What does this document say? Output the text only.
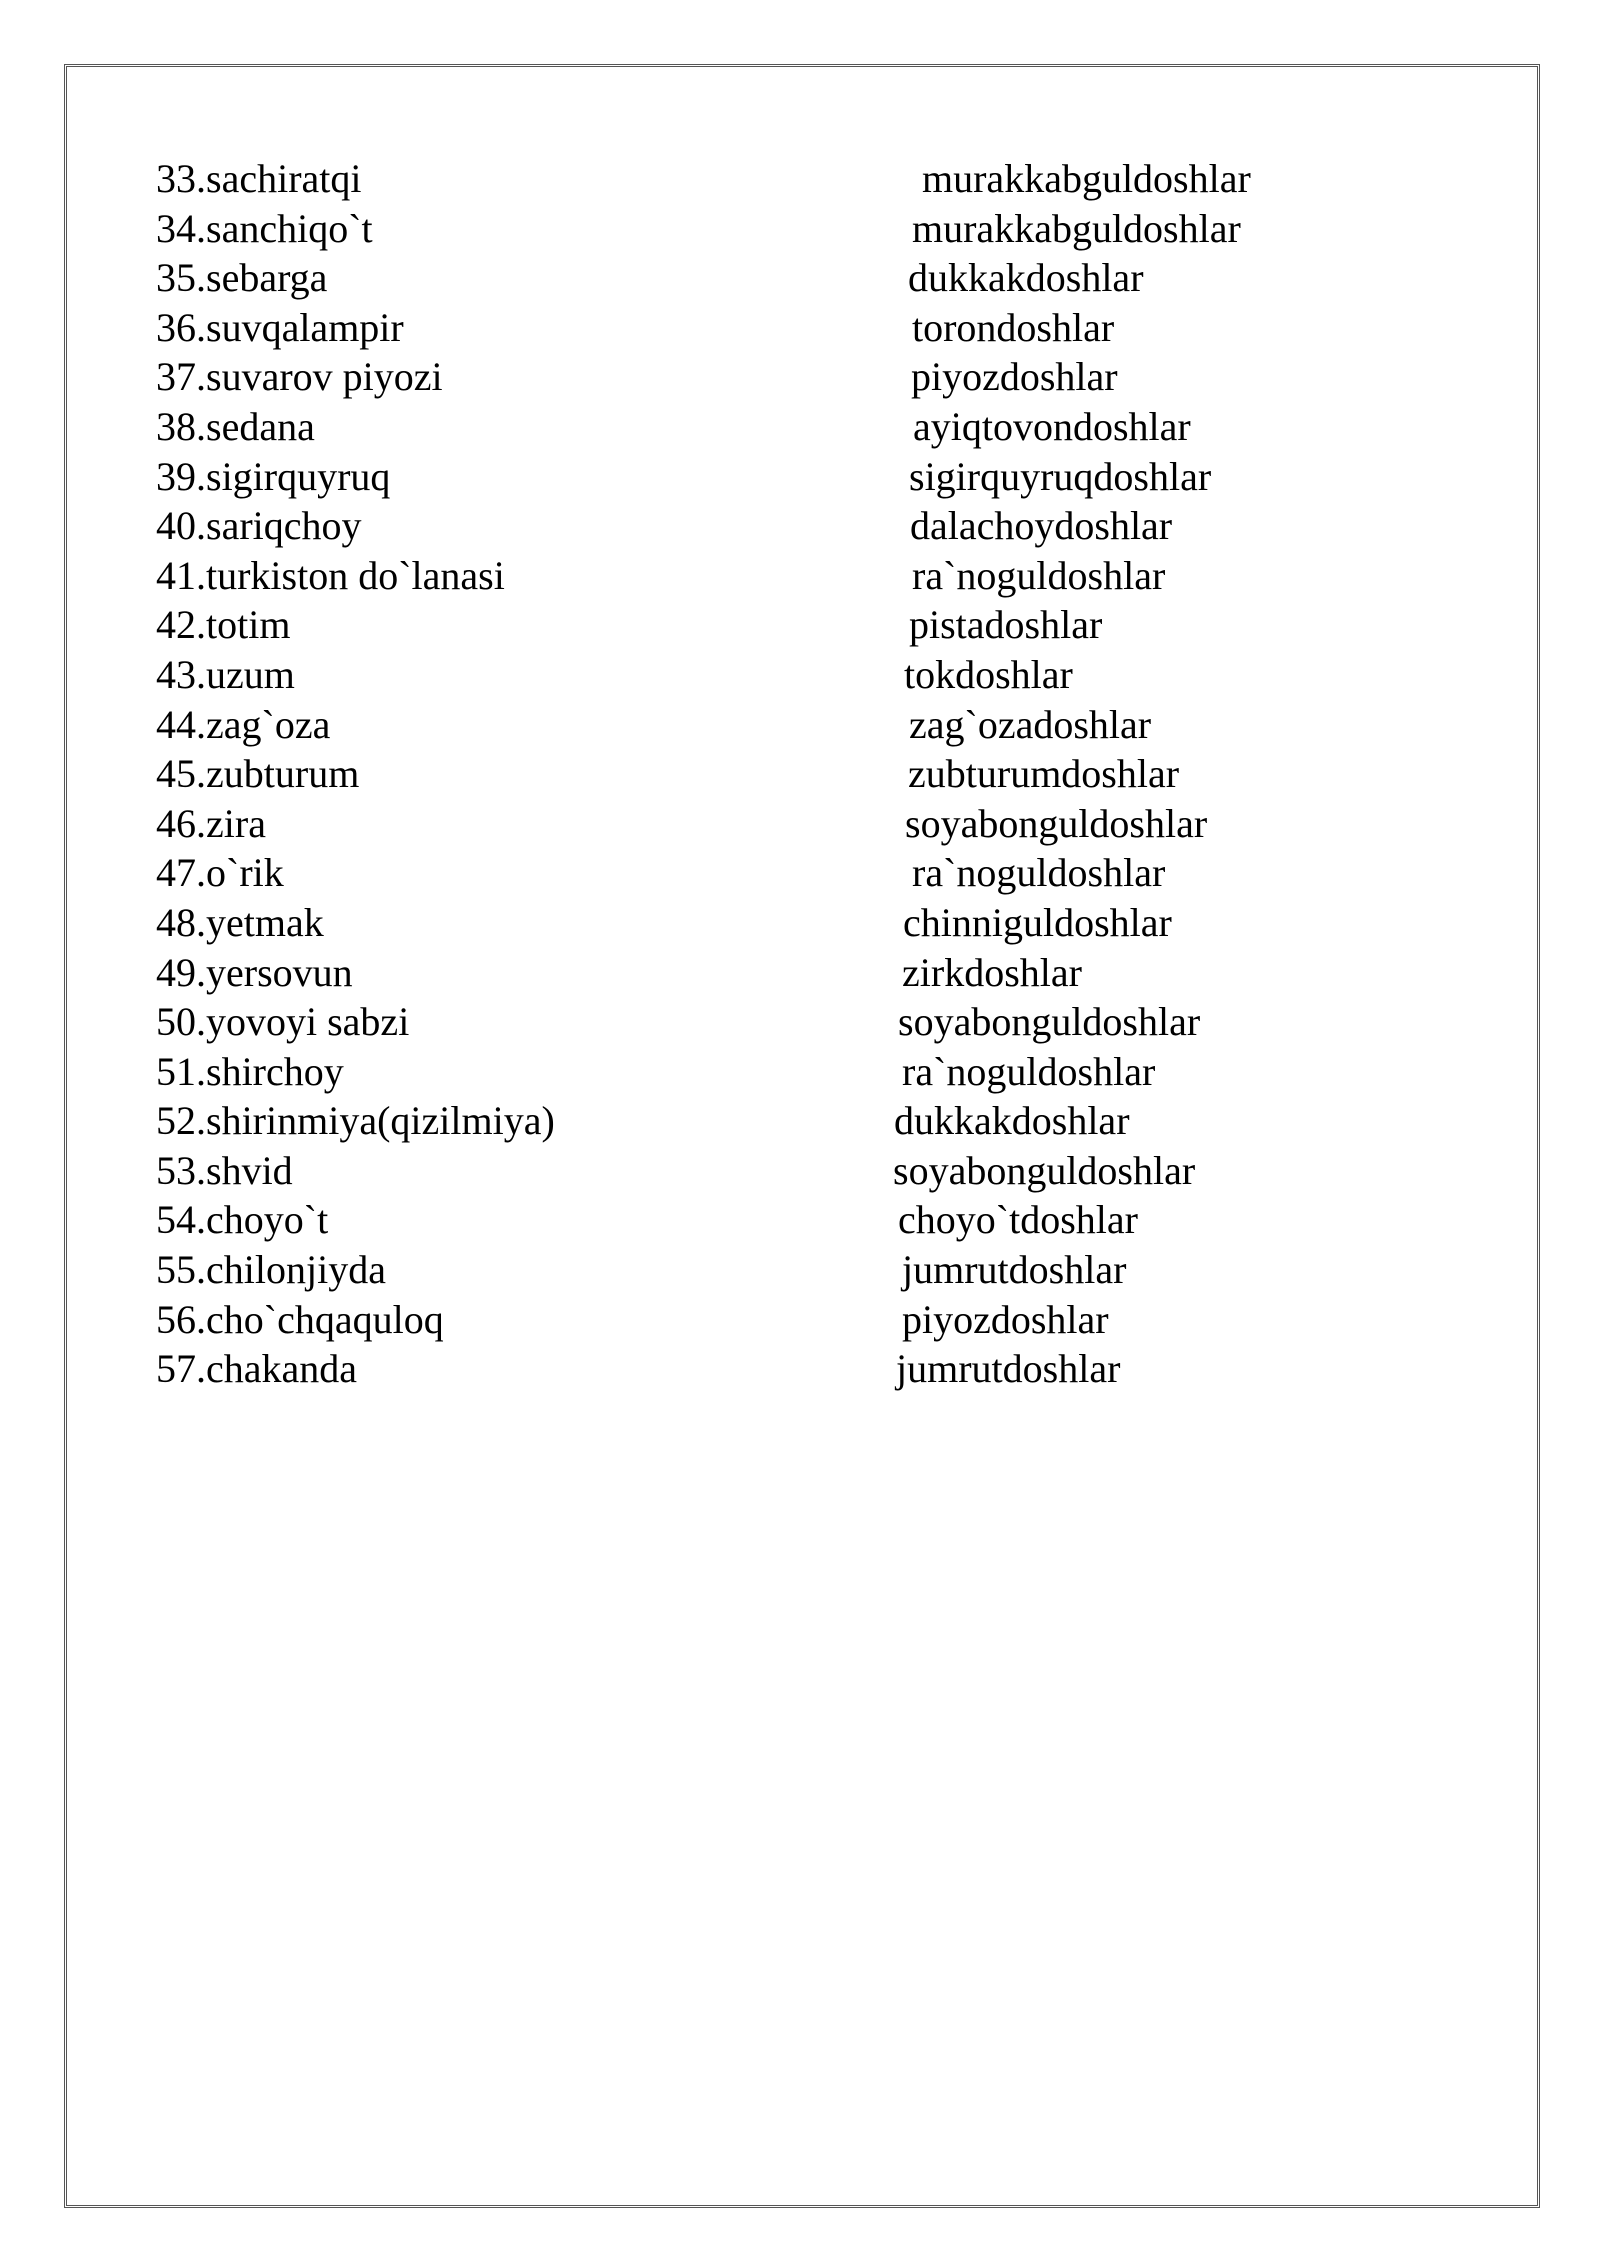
33.sachiratqi	murakkabguldoshlar
34.sanchiqo`t	murakkabguldoshlar
35.sebarga	dukkakdoshlar
36.suvqalampir	torondoshlar
37.suvarov piyozi	piyozdoshlar
38.sedana	ayiqtovondoshlar
39.sigirquyruq	sigirquyruqdoshlar
40.sariqchoy	dalachoydoshlar
41.turkiston do`lanasi	ra`noguldoshlar
42.totim	pistadoshlar
43.uzum	tokdoshlar
44.zag`oza	zag`ozadoshlar
45.zubturum	zubturumdoshlar
46.zira	soyabonguldoshlar
47.o`rik	ra`noguldoshlar
48.yetmak	chinniguldoshlar
49.yersovun	zirkdoshlar
50.yovoyi sabzi	soyabonguldoshlar
51.shirchoy	ra`noguldoshlar
52.shirinmiya(qizilmiya)	dukkakdoshlar
53.shvid	soyabonguldoshlar
54.choyo`t	choyo`tdoshlar
55.chilonjiyda	jumrutdoshlar
56.cho`chqaquloq	piyozdoshlar
57.chakanda	jumrutdoshlar
